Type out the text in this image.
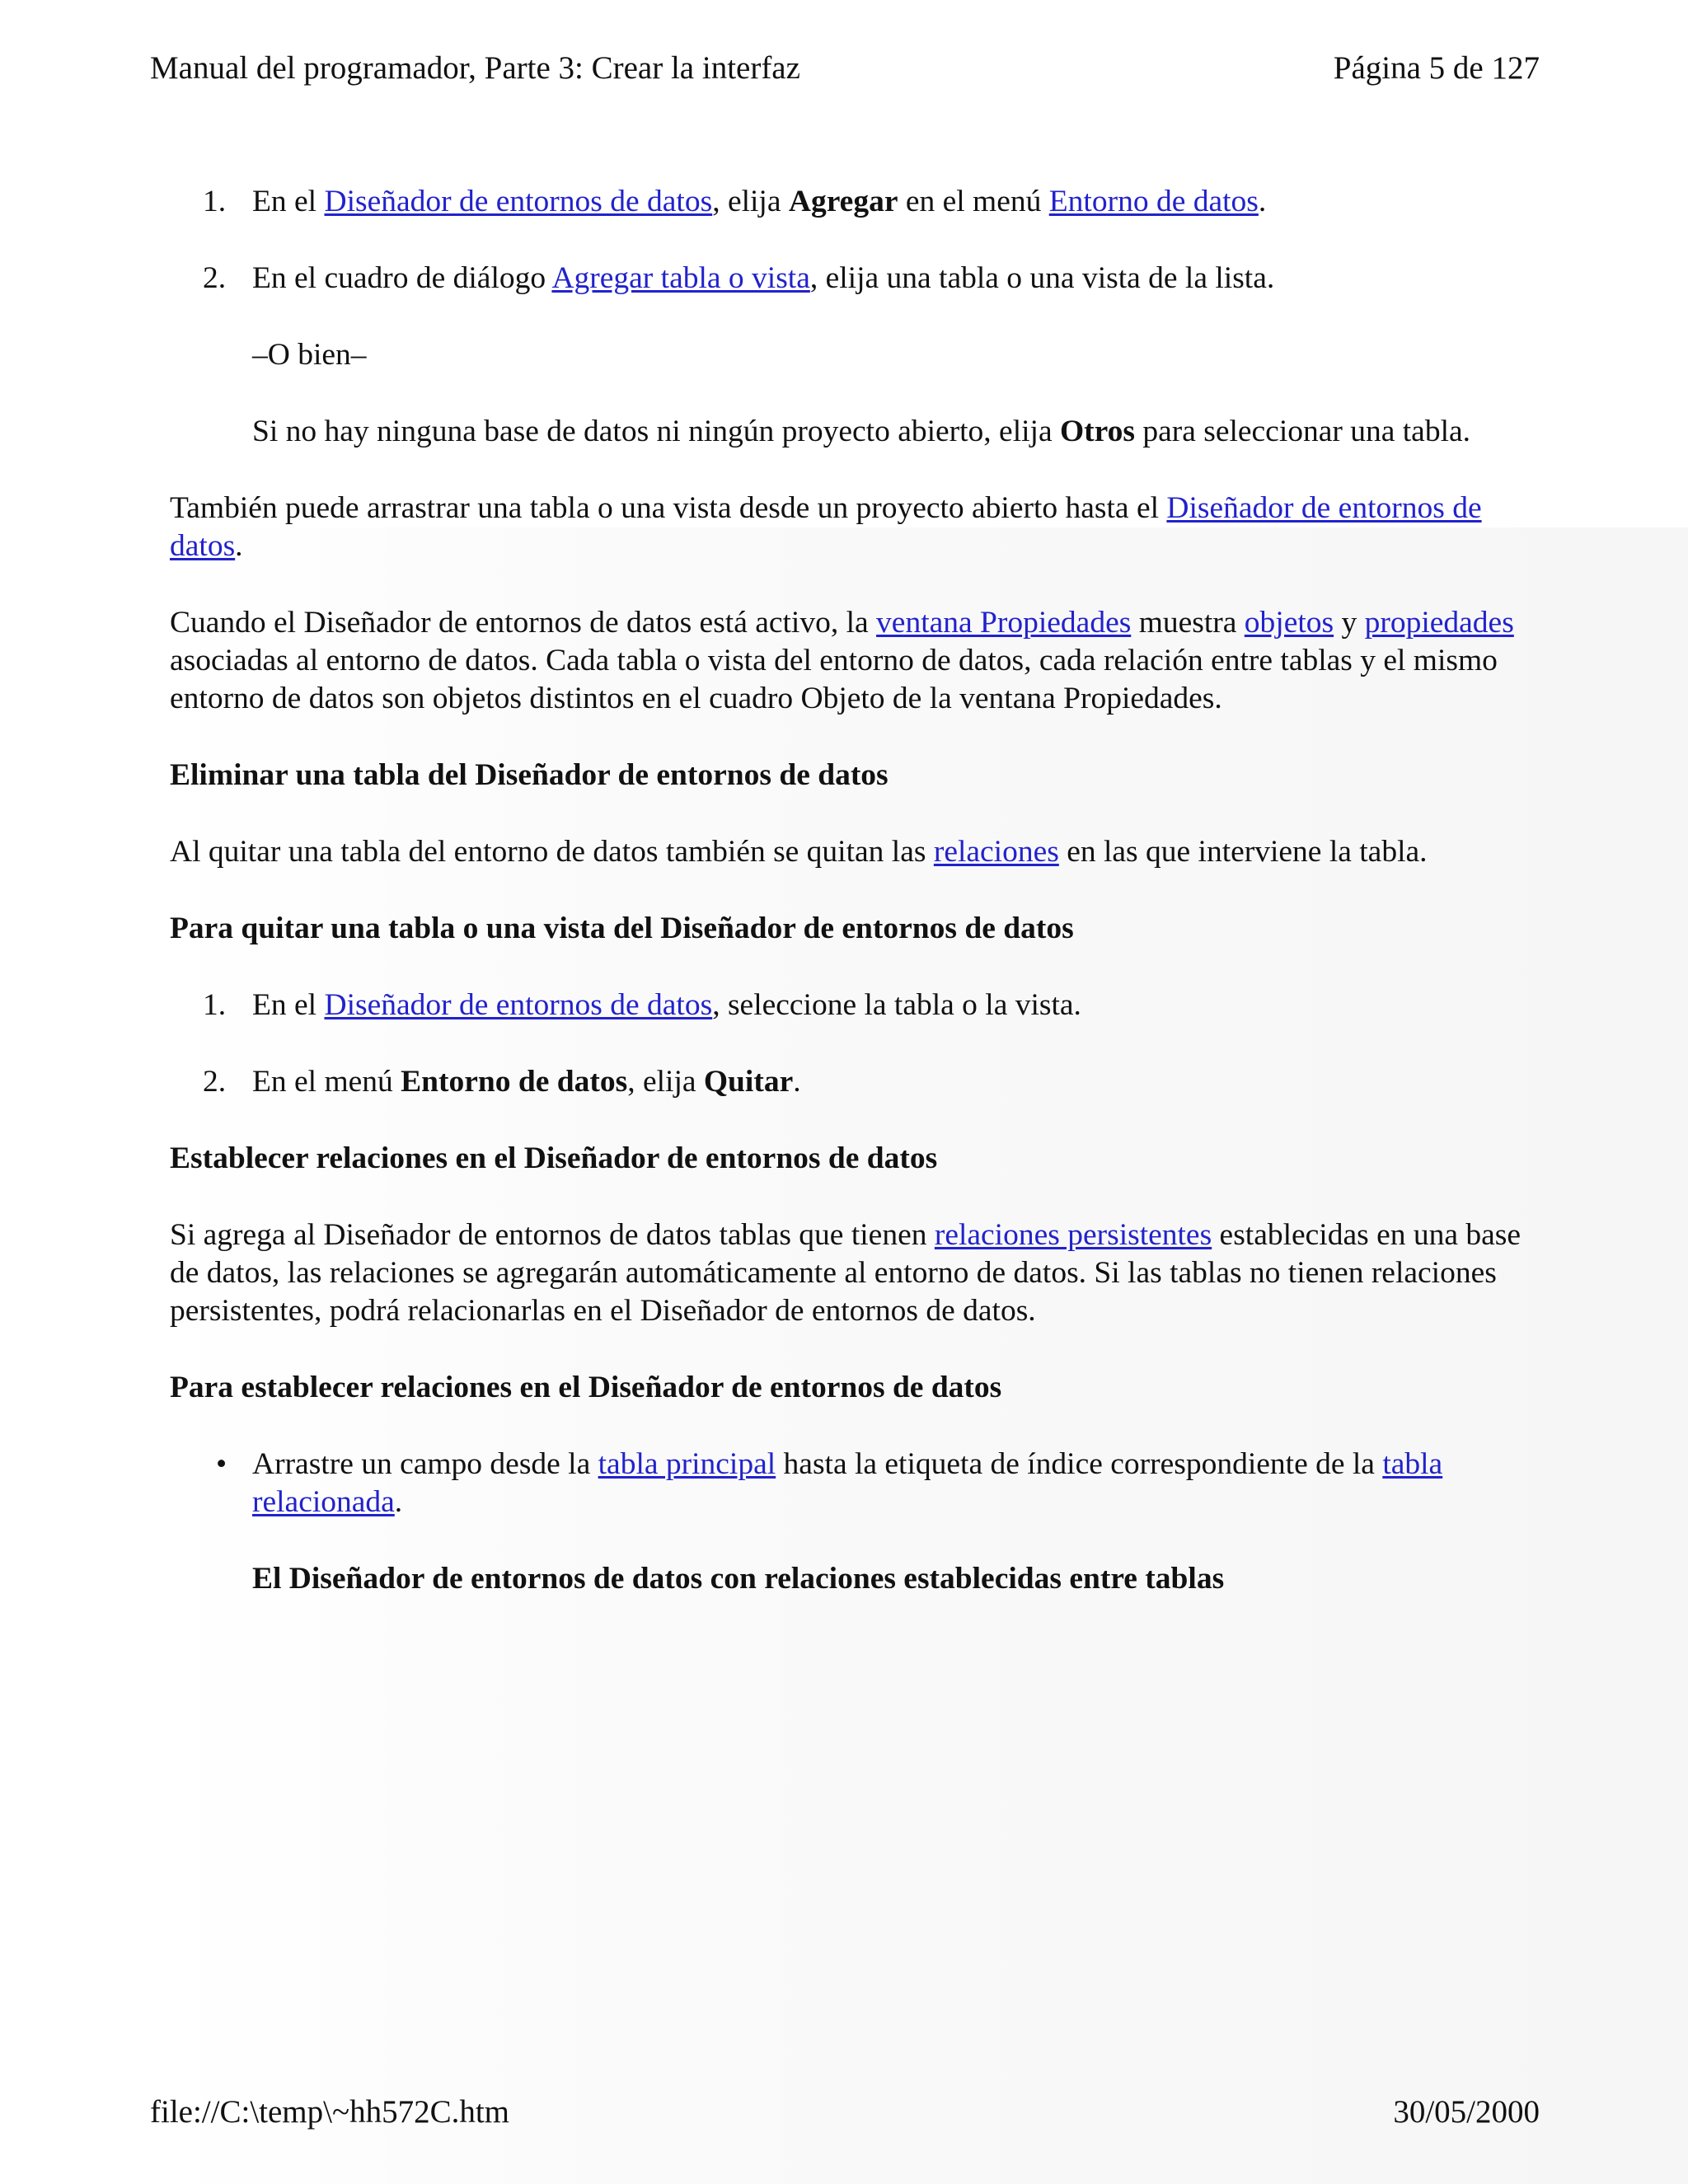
Manual del programador, Parte 3: Crear la interfaz	Página 5 de 127

1. En el Diseñador de entornos de datos, elija Agregar en el menú Entorno de datos.

2. En el cuadro de diálogo Agregar tabla o vista, elija una tabla o una vista de la lista.

–O bien–

Si no hay ninguna base de datos ni ningún proyecto abierto, elija Otros para seleccionar una tabla.

También puede arrastrar una tabla o una vista desde un proyecto abierto hasta el Diseñador de entornos de datos.

Cuando el Diseñador de entornos de datos está activo, la ventana Propiedades muestra objetos y propiedades asociadas al entorno de datos. Cada tabla o vista del entorno de datos, cada relación entre tablas y el mismo entorno de datos son objetos distintos en el cuadro Objeto de la ventana Propiedades.

Eliminar una tabla del Diseñador de entornos de datos

Al quitar una tabla del entorno de datos también se quitan las relaciones en las que interviene la tabla.

Para quitar una tabla o una vista del Diseñador de entornos de datos

1. En el Diseñador de entornos de datos, seleccione la tabla o la vista.

2. En el menú Entorno de datos, elija Quitar.

Establecer relaciones en el Diseñador de entornos de datos

Si agrega al Diseñador de entornos de datos tablas que tienen relaciones persistentes establecidas en una base de datos, las relaciones se agregarán automáticamente al entorno de datos. Si las tablas no tienen relaciones persistentes, podrá relacionarlas en el Diseñador de entornos de datos.

Para establecer relaciones en el Diseñador de entornos de datos

• Arrastre un campo desde la tabla principal hasta la etiqueta de índice correspondiente de la tabla relacionada.

El Diseñador de entornos de datos con relaciones establecidas entre tablas

file://C:\temp\~hh572C.htm	30/05/2000
